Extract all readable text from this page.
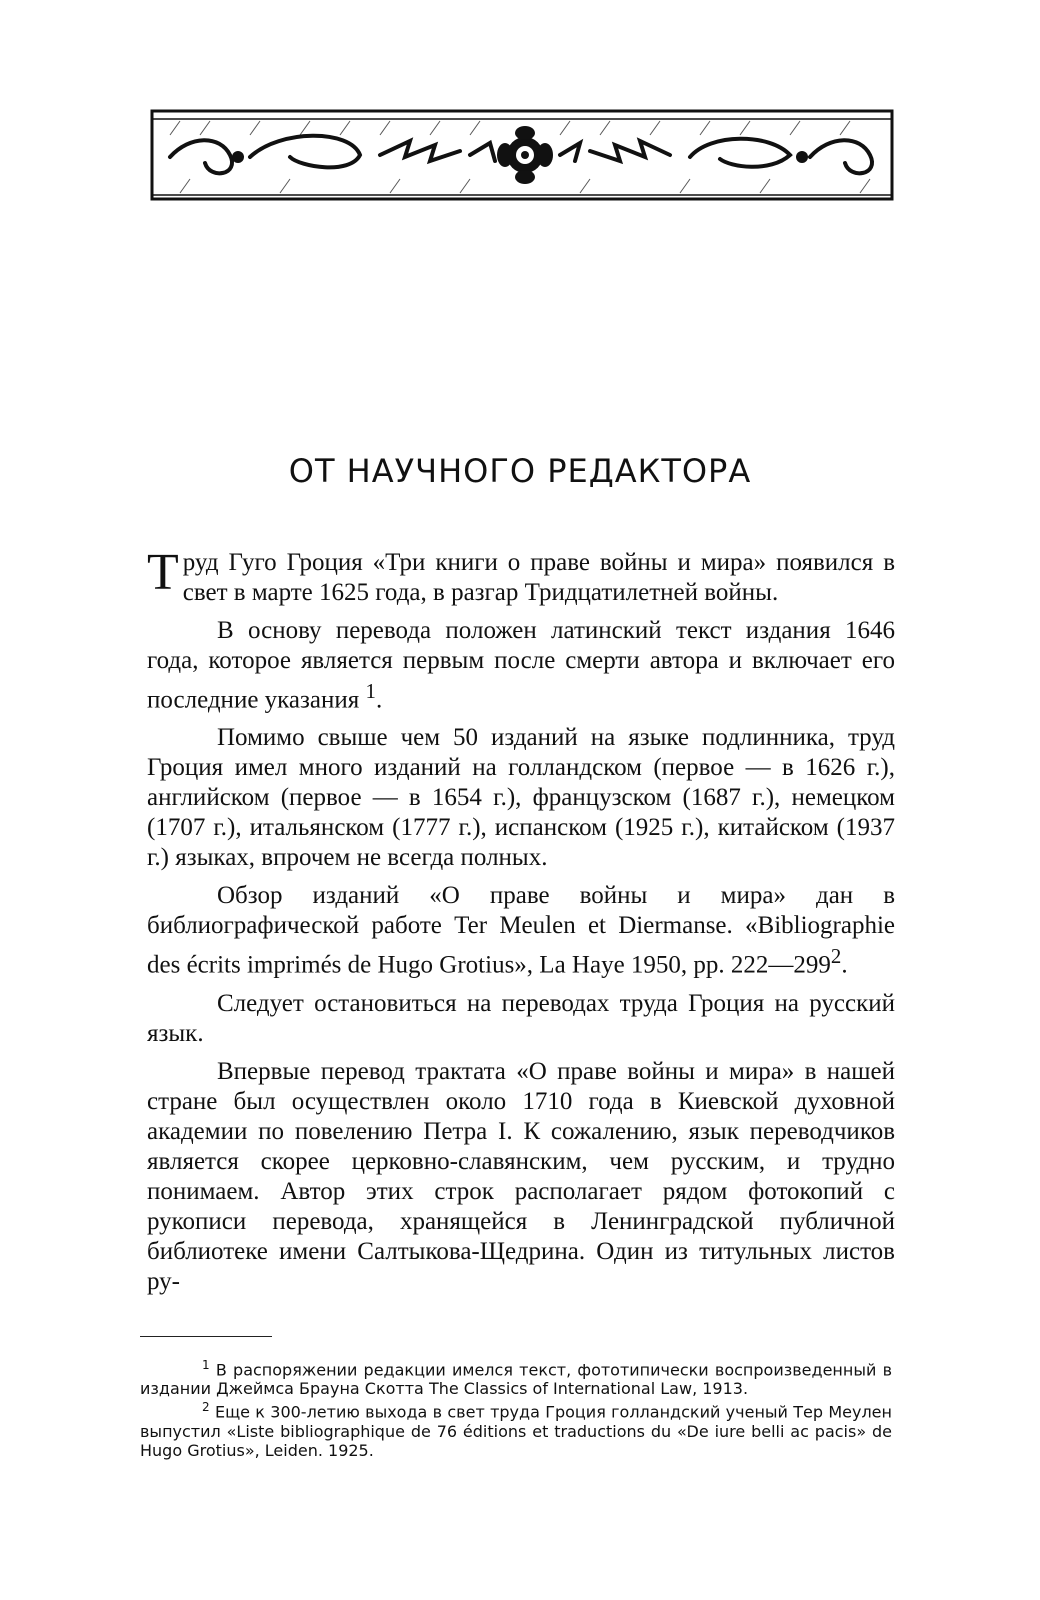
ОТ НАУЧНОГО РЕДАКТОРА

Труд Гуго Гроция «Три книги о праве войны и мира» появился в свет в марте 1625 года, в разгар Тридцатилетней войны.

В основу перевода положен латинский текст издания 1646 года, которое является первым после смерти автора и включает его последние указания $^1$.

Помимо свыше чем 50 изданий на языке подлинника, труд Гроция имел много изданий на голландском (первое — в 1626 г.), английском (первое — в 1654 г.), французском (1687 г.), немецком (1707 г.), итальянском (1777 г.), испанском (1925 г.), китайском (1937 г.) языках, впрочем не всегда полных.

Обзор изданий «О праве войны и мира» дан в библиографической работе Ter Meulen et Diermanse. «Bibliographie des écrits imprimés de Hugo Grotius», La Haye 1950, pp. $222—299^2$.

Следует остановиться на переводах труда Гроция на русский язык.

Впервые перевод трактата «О праве войны и мира» в нашей стране был осуществлен около 1710 года в Киевской духовной академии по повелению Петра I. К сожалению, язык переводчиков является скорее церковно-славянским, чем русским, и трудно понимаем. Автор этих строк располагает рядом фотокопий с рукописи перевода, хранящейся в Ленинградской публичной библиотеке имени Салтыкова-Щедрина. Один из титульных листов ру-

$^1$ В распоряжении редакции имелся текст, фототипически воспроизведенный в издании Джеймса Брауна Скотта The Classics of International Law, 1913.

$^2$ Еще к 300-летию выхода в свет труда Гроция голландский ученый Тер Меулен выпустил «Liste bibliographique de 76 éditions et traductions du «De iure belli ac pacis» de Hugo Grotius», Leiden. 1925.
